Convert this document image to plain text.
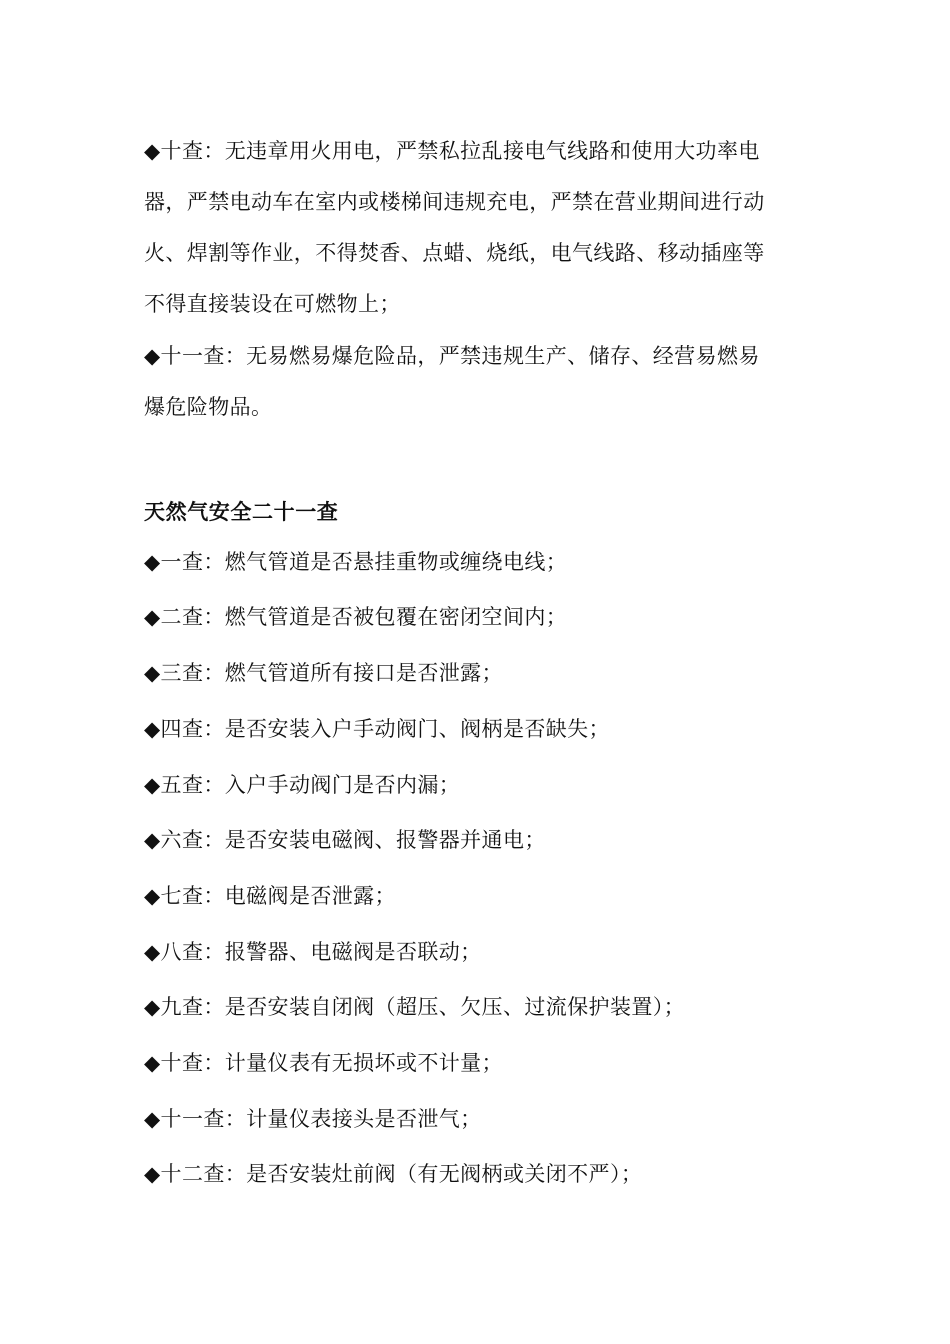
◆十查：无违章用火用电，严禁私拉乱接电气线路和使用大功率电
器，严禁电动车在室内或楼梯间违规充电，严禁在营业期间进行动
火、焊割等作业，不得焚香、点蜡、烧纸，电气线路、移动插座等
不得直接装设在可燃物上；
◆十一查：无易燃易爆危险品，严禁违规生产、储存、经营易燃易
爆危险物品。
天然气安全二十一查
◆一查：燃气管道是否悬挂重物或缠绕电线；
◆二查：燃气管道是否被包覆在密闭空间内；
◆三查：燃气管道所有接口是否泄露；
◆四查：是否安装入户手动阀门、阀柄是否缺失；
◆五查：入户手动阀门是否内漏；
◆六查：是否安装电磁阀、报警器并通电；
◆七查：电磁阀是否泄露；
◆八查：报警器、电磁阀是否联动；
◆九查：是否安装自闭阀（超压、欠压、过流保护装置）；
◆十查：计量仪表有无损坏或不计量；
◆十一查：计量仪表接头是否泄气；
◆十二查：是否安装灶前阀（有无阀柄或关闭不严）；
